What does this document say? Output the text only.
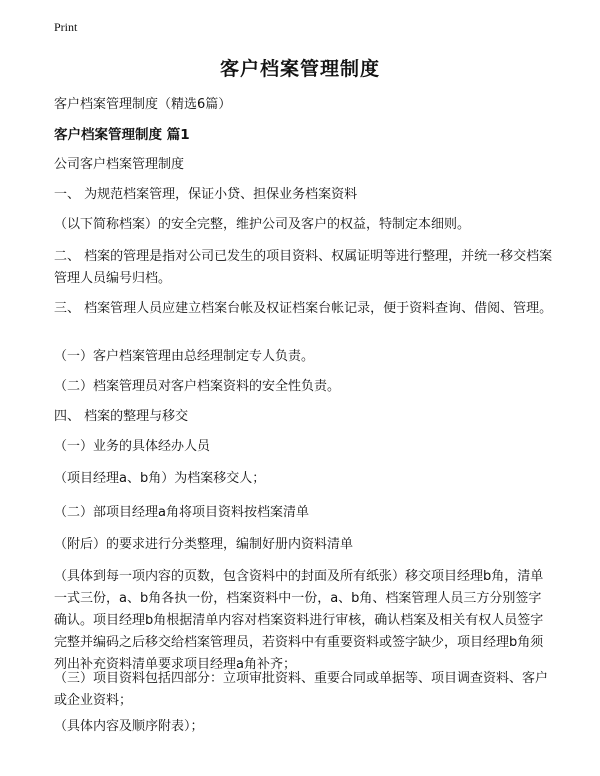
Print
客户档案管理制度

客户档案管理制度（精选6篇）

客户档案管理制度 篇1

公司客户档案管理制度

一、 为规范档案管理，保证小贷、担保业务档案资料

（以下简称档案）的安全完整，维护公司及客户的权益，特制定本细则。

二、 档案的管理是指对公司已发生的项目资料、权属证明等进行整理，并统一移交档案管理人员编号归档。

三、 档案管理人员应建立档案台帐及权证档案台帐记录，便于资料查询、借阅、管理。

（一）客户档案管理由总经理制定专人负责。

（二）档案管理员对客户档案资料的安全性负责。

四、 档案的整理与移交

（一）业务的具体经办人员

（项目经理a、b角）为档案移交人；

（二）部项目经理a角将项目资料按档案清单

（附后）的要求进行分类整理，编制好册内资料清单

（具体到每一项内容的页数，包含资料中的封面及所有纸张）移交项目经理b角，清单一式三份，a、b角各执一份，档案资料中一份，a、b角、档案管理人员三方分别签字确认。项目经理b角根据清单内容对档案资料进行审核，确认档案及相关有权人员签字完整并编码之后移交给档案管理员，若资料中有重要资料或签字缺少，项目经理b角须列出补充资料清单要求项目经理a角补齐；

（三）项目资料包括四部分：立项审批资料、重要合同或单据等、项目调查资料、客户或企业资料；

（具体内容及顺序附表）；
